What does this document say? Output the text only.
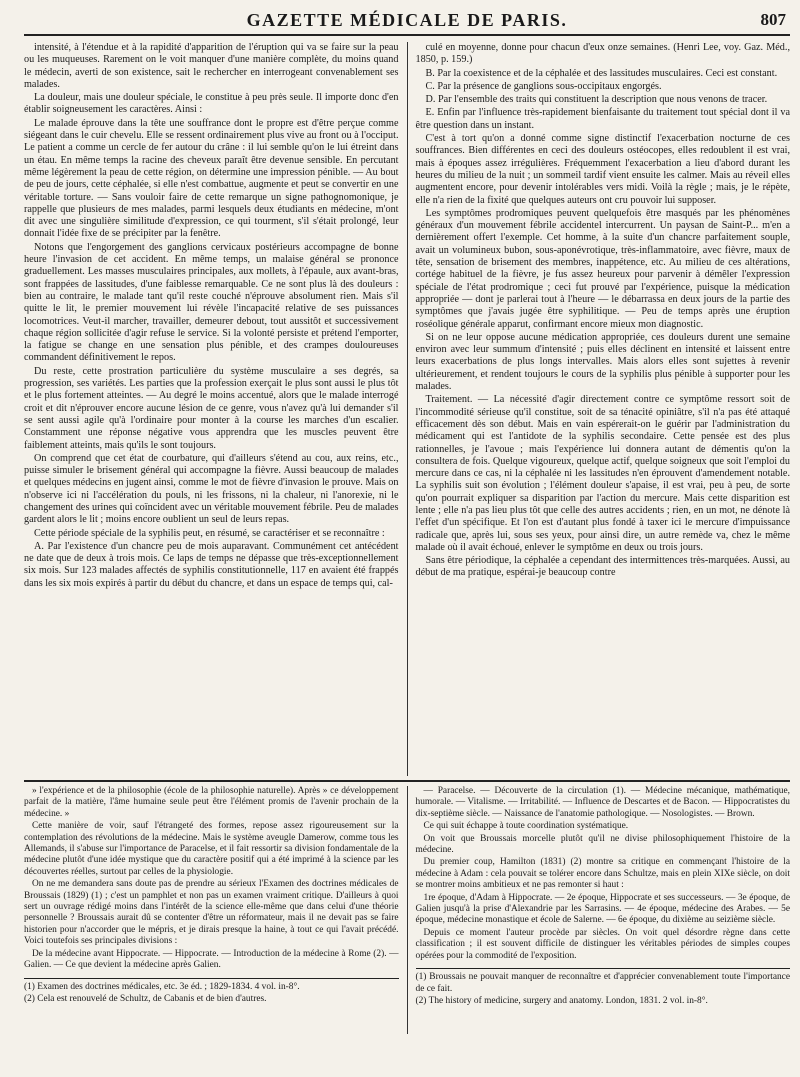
GAZETTE MÉDICALE DE PARIS.	807

intensité, à l'étendue et à la rapidité d'apparition de l'éruption qui va se faire sur la peau ou les muqueuses. Rarement on le voit manquer d'une manière complète, du moins quand le médecin, averti de son existence, sait le rechercher en interrogeant convenablement ses malades.

La douleur, mais une douleur spéciale, le constitue à peu près seule. Il importe donc d'en établir soigneusement les caractères. Ainsi :

Le malade éprouve dans la tête une souffrance dont le propre est d'être perçue comme siégeant dans le cuir chevelu. Elle se ressent ordinairement plus vive au front ou à l'occiput. Le patient a comme un cercle de fer autour du crâne : il lui semble qu'on le lui étreint dans un étau. En même temps la racine des cheveux paraît être devenue sensible. En percutant même légèrement la peau de cette région, on détermine une impression pénible. — Au bout de peu de jours, cette céphalée, si elle n'est combattue, augmente et peut se convertir en une véritable torture. — Sans vouloir faire de cette remarque un signe pathognomonique, je rappelle que plusieurs de mes malades, parmi lesquels deux étudiants en médecine, m'ont dit avec une singulière similitude d'expression, ce qui tourment, s'il s'était prolongé, leur donnait l'idée fixe de se précipiter par la fenêtre.

Notons que l'engorgement des ganglions cervicaux postérieurs accompagne de bonne heure l'invasion de cet accident. En même temps, un malaise général se prononce graduellement. Les masses musculaires principales, aux mollets, à l'épaule, aux avant-bras, sont frappées de lassitudes, d'une faiblesse remarquable. Ce ne sont plus là des douleurs : bien au contraire, le malade tant qu'il reste couché n'éprouve absolument rien. Mais s'il quitte le lit, le premier mouvement lui révèle l'incapacité relative de ses puissances locomotrices. Veut-il marcher, travailler, demeurer debout, tout aussitôt et successivement chaque région sollicitée d'agir refuse le service. Si la volonté persiste et prétend l'emporter, la fatigue se change en une sensation plus pénible, et des crampes douloureuses commandent définitivement le repos.

Du reste, cette prostration particulière du système musculaire a ses degrés, sa progression, ses variétés. Les parties que la profession exerçait le plus sont aussi le plus tôt et le plus fortement atteintes. — Au degré le moins accentué, alors que le malade interrogé croit et dit n'éprouver encore aucune lésion de ce genre, vous n'avez qu'à lui demander s'il se sent aussi agile qu'à l'ordinaire pour monter à la course les marches d'un escalier. Constamment une réponse négative vous apprendra que les muscles peuvent être faiblement atteints, mais qu'ils le sont toujours.

On comprend que cet état de courbature, qui d'ailleurs s'étend au cou, aux reins, etc., puisse simuler le brisement général qui accompagne la fièvre. Aussi beaucoup de malades et quelques médecins en jugent ainsi, comme le mot de fièvre d'invasion le prouve. Mais on n'observe ici ni l'accélération du pouls, ni les frissons, ni la chaleur, ni l'anorexie, ni le changement des urines qui coïncident avec un véritable mouvement fébrile. Peu de malades gardent alors le lit ; moins encore oublient un seul de leurs repas.

Cette période spéciale de la syphilis peut, en résumé, se caractériser et se reconnaître :

A. Par l'existence d'un chancre peu de mois auparavant. Communément cet antécédent ne date que de deux à trois mois. Ce laps de temps ne dépasse que très-exceptionnellement six mois. Sur 123 malades affectés de syphilis constitutionnelle, 117 en avaient été frappés dans les six mois expirés à partir du début du chancre, et dans un espace de temps qui, cal-

culé en moyenne, donne pour chacun d'eux onze semaines. (Henri Lee, voy. Gaz. Méd., 1850, p. 159.)

B. Par la coexistence et de la céphalée et des lassitudes musculaires. Ceci est constant.

C. Par la présence de ganglions sous-occipitaux engorgés.

D. Par l'ensemble des traits qui constituent la description que nous venons de tracer.

E. Enfin par l'influence très-rapidement bienfaisante du traitement tout spécial dont il va être question dans un instant.

C'est à tort qu'on a donné comme signe distinctif l'exacerbation nocturne de ces souffrances. Bien différentes en ceci des douleurs ostéocopes, elles redoublent il est vrai, mais à époques assez irrégulières. Fréquemment l'exacerbation a lieu d'abord durant les heures du milieu de la nuit ; un sommeil tardif vient ensuite les calmer. Mais au réveil elles augmentent encore, pour devenir intolérables vers midi. Voilà la règle ; mais, je le répète, elle n'a rien de la fixité que quelques auteurs ont cru pouvoir lui supposer.

Les symptômes prodromiques peuvent quelquefois être masqués par les phénomènes généraux d'un mouvement fébrile accidentel intercurrent. Un paysan de Saint-P... m'en a dernièrement offert l'exemple. Cet homme, à la suite d'un chancre parfaitement souple, avait un volumineux bubon, sous-aponévrotique, très-inflammatoire, avec fièvre, maux de tête, sensation de brisement des membres, inappétence, etc. Au milieu de ces altérations, cortége habituel de la fièvre, je fus assez heureux pour parvenir à démêler l'expression spéciale de l'état prodromique ; ceci fut prouvé par l'expérience, puisque la médication appropriée — dont je parlerai tout à l'heure — le débarrassa en deux jours de la partie des symptômes que j'avais jugée être syphilitique. — Peu de temps après une éruption roséolique générale apparut, confirmant encore mieux mon diagnostic.

Si on ne leur oppose aucune médication appropriée, ces douleurs durent une semaine environ avec leur summum d'intensité ; puis elles déclinent en intensité et laissent entre leurs exacerbations de plus longs intervalles. Mais alors elles sont sujettes à revenir ultérieurement, et rendent toujours le cours de la syphilis plus pénible à supporter pour les malades.

Traitement. — La nécessité d'agir directement contre ce symptôme ressort soit de l'incommodité sérieuse qu'il constitue, soit de sa ténacité opiniâtre, s'il n'a pas été attaqué efficacement dès son début. Mais en vain espérerait-on le guérir par l'administration du médicament qui est l'antidote de la syphilis secondaire. Cette pensée est des plus rationnelles, je l'avoue ; mais l'expérience lui donnera autant de démentis qu'on la consultera de fois. Quelque vigoureux, quelque actif, quelque soigneux que soit l'emploi du mercure dans ce cas, ni la céphalée ni les lassitudes n'en éprouvent d'amendement notable. La syphilis suit son évolution ; l'élément douleur s'apaise, il est vrai, peu à peu, de sorte qu'on pourrait expliquer sa disparition par l'action du mercure. Mais cette disparition est lente ; elle n'a pas lieu plus tôt que celle des autres accidents ; rien, en un mot, ne dénote là l'effet d'un spécifique. Et l'on est d'autant plus fondé à taxer ici le mercure d'impuissance radicale que, après lui, sous ses yeux, pour ainsi dire, un autre remède va, chez le même malade où il avait échoué, enlever le symptôme en deux ou trois jours.

Sans être périodique, la céphalée a cependant des intermittences très-marquées. Aussi, au début de ma pratique, espérai-je beaucoup contre

» l'expérience et de la philosophie (école de la philosophie naturelle). Après » ce développement parfait de la matière, l'âme humaine seule peut être l'élément promis de l'avenir prochain de la médecine. »

Cette manière de voir, sauf l'étrangeté des formes, repose assez rigoureusement sur la contemplation des révolutions de la médecine. Mais le système aveugle Damerow, comme tous les Allemands, il s'abuse sur l'importance de Paracelse, et il fait ressortir sa division fondamentale de la médecine plutôt d'une idée mystique que du caractère positif qui a été imprimé à la science par les découvertes réelles, surtout par celles de la physiologie.

On ne me demandera sans doute pas de prendre au sérieux l'Examen des doctrines médicales de Broussais (1829) (1) ; c'est un pamphlet et non pas un examen vraiment critique. D'ailleurs à quoi sert un ouvrage rédigé moins dans l'intérêt de la science elle-même que dans celui d'une théorie personnelle ? Broussais aurait dû se contenter d'être un réformateur, mais il ne devait pas se faire historien pour n'accorder que le mépris, et je dirais presque la haine, à tout ce qui l'avait précédé. Voici toutefois ses principales divisions :

De la médecine avant Hippocrate. — Hippocrate. — Introduction de la médecine à Rome (2). — Galien. — Ce que devient la médecine après Galien.

(1) Examen des doctrines médicales, etc. 3e éd. ; 1829-1834. 4 vol. in-8°.

(2) Cela est renouvelé de Schultz, de Cabanis et de bien d'autres.

— Paracelse. — Découverte de la circulation (1). — Médecine mécanique, mathématique, humorale. — Vitalisme. — Irritabilité. — Influence de Descartes et de Bacon. — Hippocratistes du dix-septième siècle. — Naissance de l'anatomie pathologique. — Nosologistes. — Brown.

Ce qui suit échappe à toute coordination systématique.

On voit que Broussais morcelle plutôt qu'il ne divise philosophiquement l'histoire de la médecine.

Du premier coup, Hamilton (1831) (2) montre sa critique en commençant l'histoire de la médecine à Adam : cela pouvait se tolérer encore dans Schultze, mais en plein XIXe siècle, on doit se montrer moins ambitieux et ne pas remonter si haut :

1re époque, d'Adam à Hippocrate. — 2e époque, Hippocrate et ses successeurs. — 3e époque, de Galien jusqu'à la prise d'Alexandrie par les Sarrasins. — 4e époque, médecine des Arabes. — 5e époque, médecine monastique et école de Salerne. — 6e époque, du dixième au seizième siècle.

Depuis ce moment l'auteur procède par siècles. On voit quel désordre règne dans cette classification ; il est souvent difficile de distinguer les véritables périodes de simples coupes opérées pour la commodité de l'exposition.

(1) Broussais ne pouvait manquer de reconnaître et d'apprécier convenablement toute l'importance de ce fait.

(2) The history of medicine, surgery and anatomy. London, 1831. 2 vol. in-8°.
